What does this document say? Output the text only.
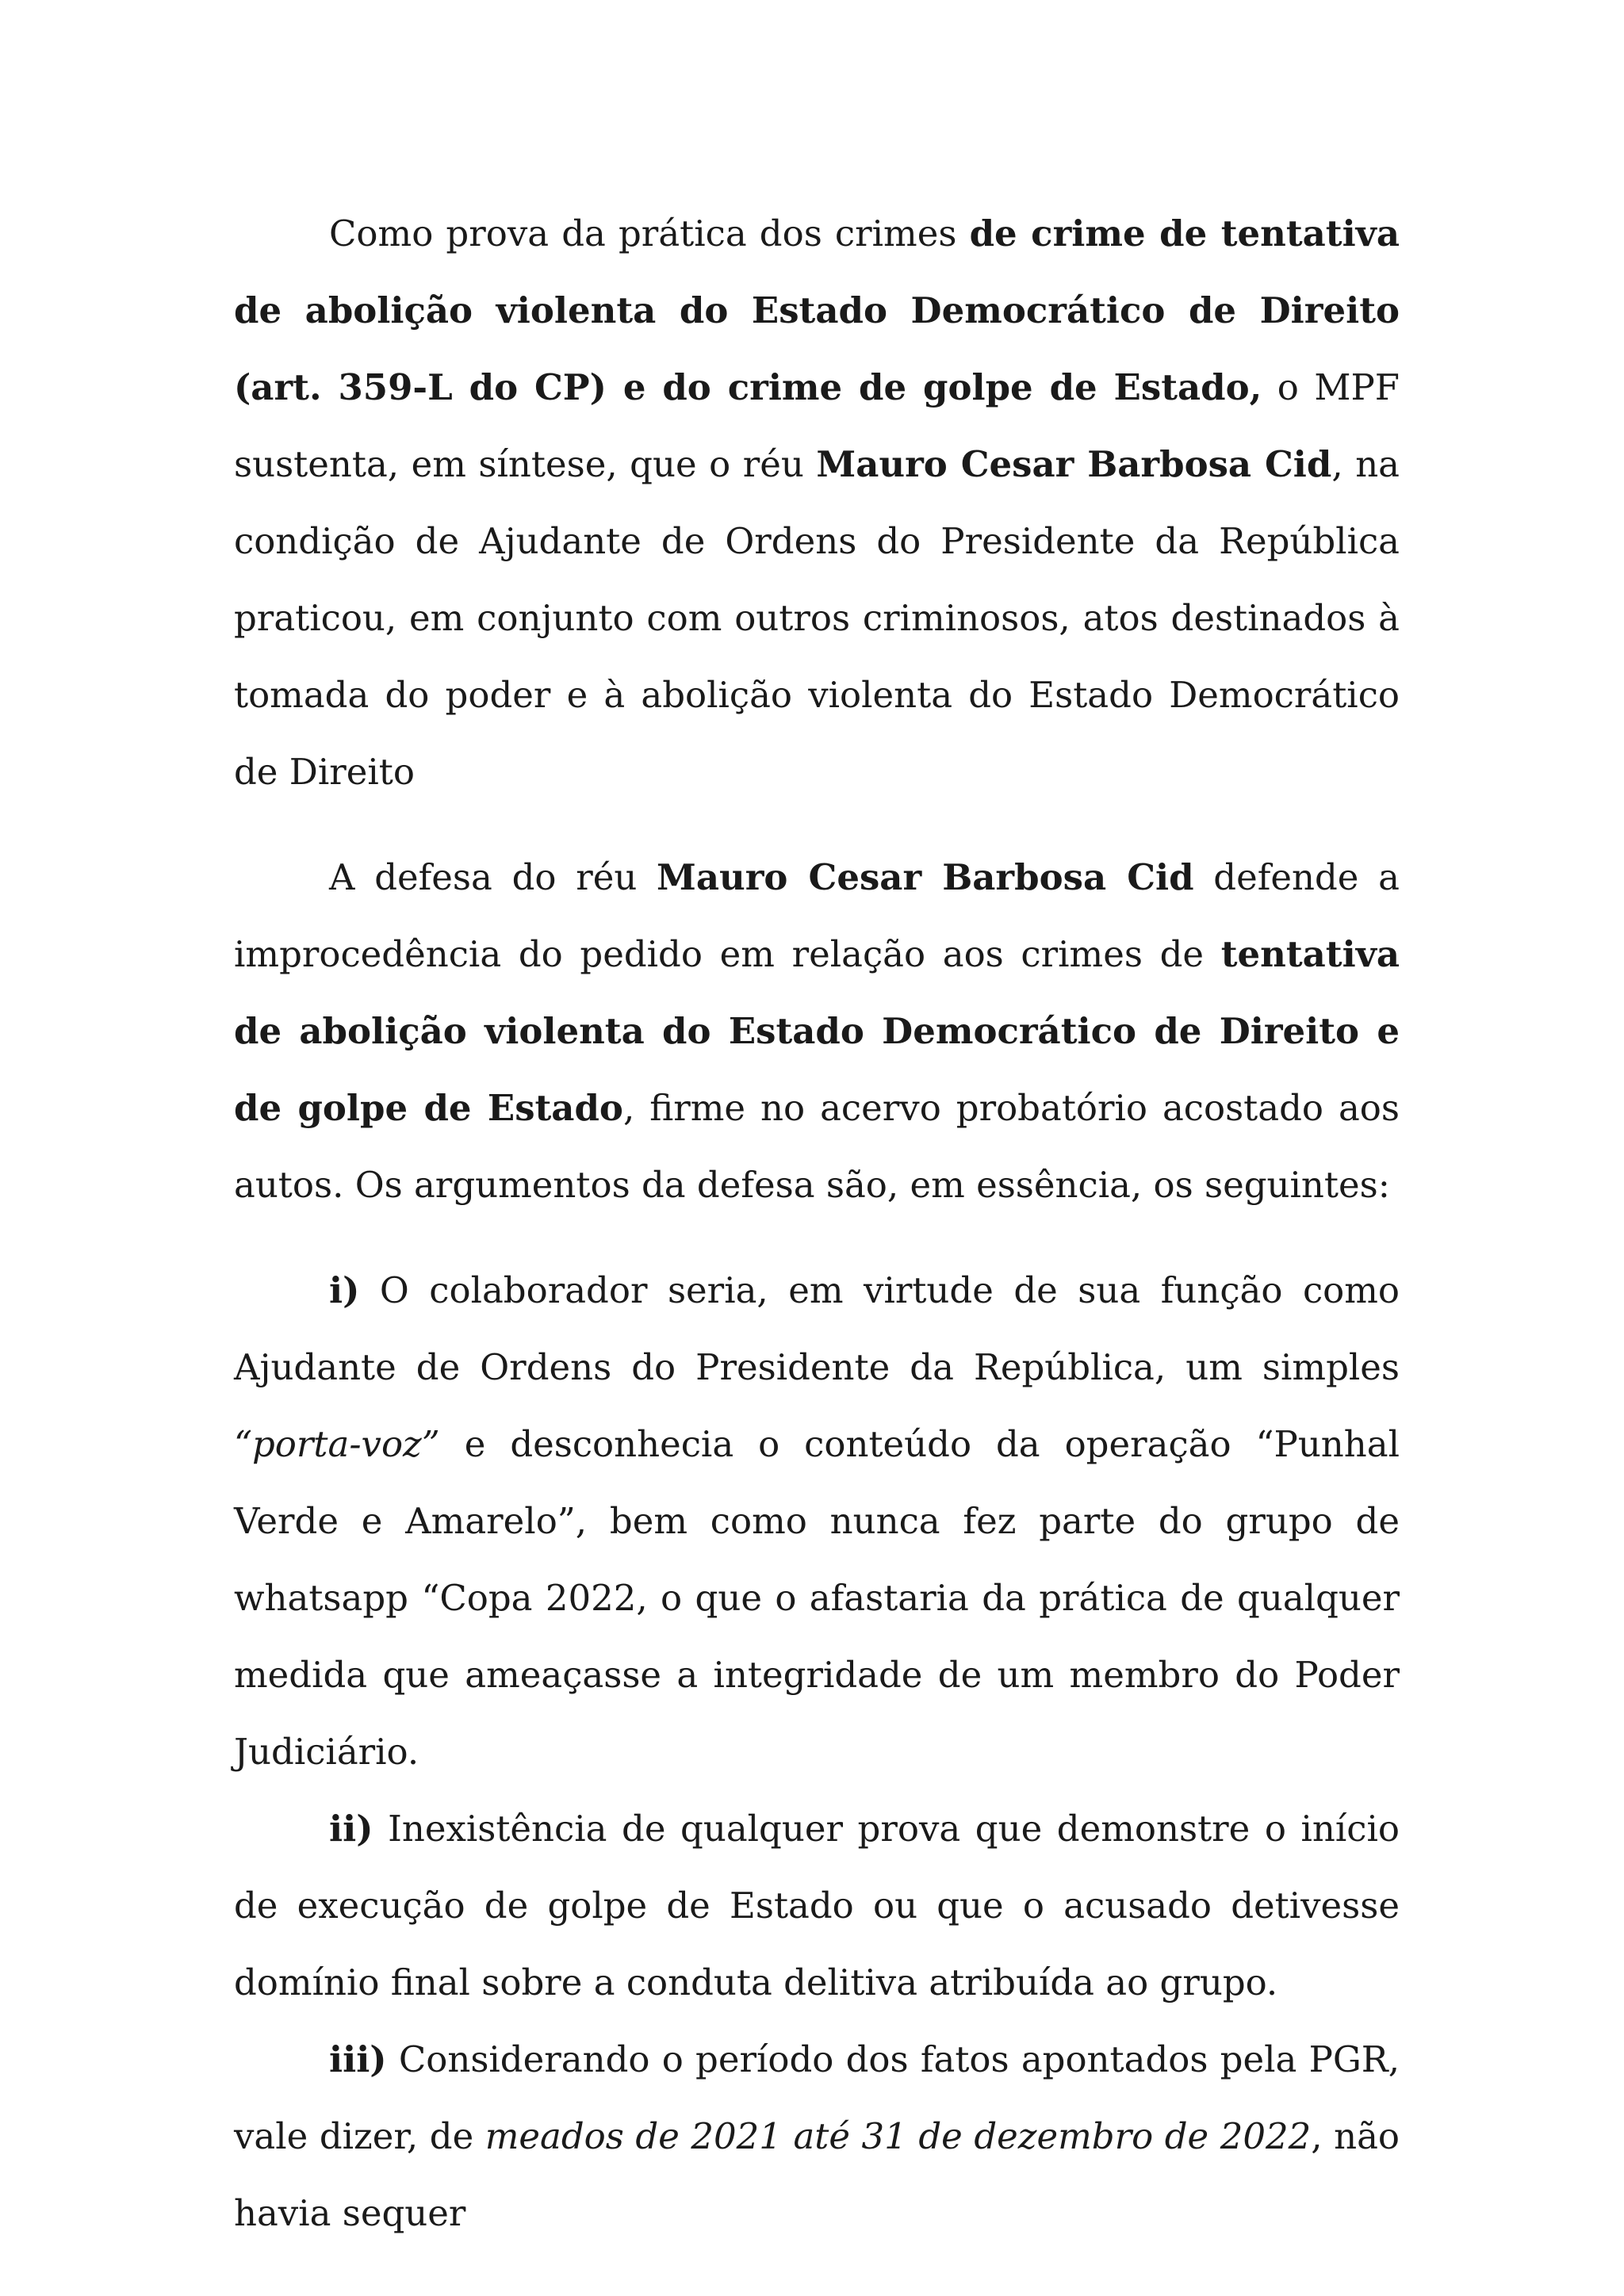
Como prova da prática dos crimes de crime de tentativa de abolição violenta do Estado Democrático de Direito (art. 359-L do CP) e do crime de golpe de Estado, o MPF sustenta, em síntese, que o réu Mauro Cesar Barbosa Cid, na condição de Ajudante de Ordens do Presidente da República praticou, em conjunto com outros criminosos, atos destinados à tomada do poder e à abolição violenta do Estado Democrático de Direito

A defesa do réu Mauro Cesar Barbosa Cid defende a improcedência do pedido em relação aos crimes de tentativa de abolição violenta do Estado Democrático de Direito e de golpe de Estado, firme no acervo probatório acostado aos autos. Os argumentos da defesa são, em essência, os seguintes:

i) O colaborador seria, em virtude de sua função como Ajudante de Ordens do Presidente da República, um simples “porta-voz” e desconhecia o conteúdo da operação “Punhal Verde e Amarelo”, bem como nunca fez parte do grupo de whatsapp “Copa 2022, o que o afastaria da prática de qualquer medida que ameaçasse a integridade de um membro do Poder Judiciário.

ii) Inexistência de qualquer prova que demonstre o início de execução de golpe de Estado ou que o acusado detivesse domínio final sobre a conduta delitiva atribuída ao grupo.

iii) Considerando o período dos fatos apontados pela PGR, vale dizer, de meados de 2021 até 31 de dezembro de 2022, não havia sequer
